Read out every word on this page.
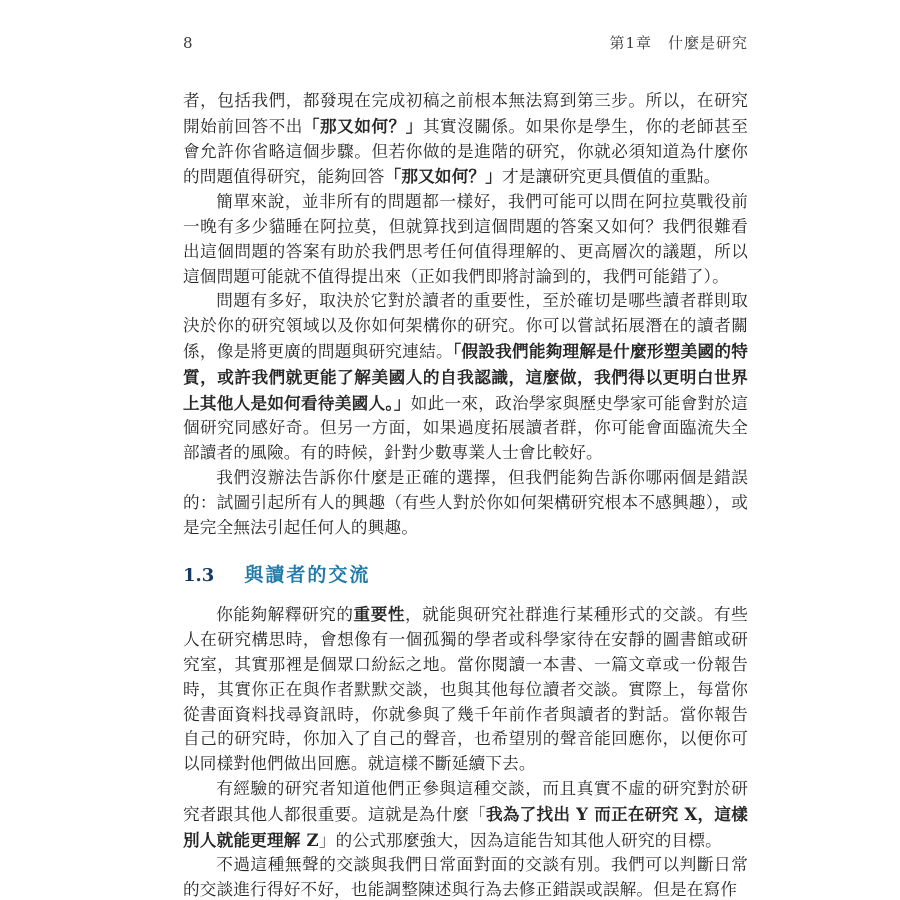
8	第1章　什麼是研究

者，包括我們，都發現在完成初稿之前根本無法寫到第三步。所以，在研究開始前回答不出「那又如何？」其實沒關係。如果你是學生，你的老師甚至會允許你省略這個步驟。但若你做的是進階的研究，你就必須知道為什麼你的問題值得研究，能夠回答「那又如何？」才是讓研究更具價值的重點。

簡單來說，並非所有的問題都一樣好，我們可能可以問在阿拉莫戰役前一晚有多少貓睡在阿拉莫，但就算找到這個問題的答案又如何？我們很難看出這個問題的答案有助於我們思考任何值得理解的、更高層次的議題，所以這個問題可能就不值得提出來（正如我們即將討論到的，我們可能錯了）。

問題有多好，取決於它對於讀者的重要性，至於確切是哪些讀者群則取決於你的研究領域以及你如何架構你的研究。你可以嘗試拓展潛在的讀者關係，像是將更廣的問題與研究連結。「假設我們能夠理解是什麼形塑美國的特質，或許我們就更能了解美國人的自我認識，這麼做，我們得以更明白世界上其他人是如何看待美國人。」如此一來，政治學家與歷史學家可能會對於這個研究同感好奇。但另一方面，如果過度拓展讀者群，你可能會面臨流失全部讀者的風險。有的時候，針對少數專業人士會比較好。

我們沒辦法告訴你什麼是正確的選擇，但我們能夠告訴你哪兩個是錯誤的：試圖引起所有人的興趣（有些人對於你如何架構研究根本不感興趣），或是完全無法引起任何人的興趣。

1.3 與讀者的交流

你能夠解釋研究的重要性，就能與研究社群進行某種形式的交談。有些人在研究構思時，會想像有一個孤獨的學者或科學家待在安靜的圖書館或研究室，其實那裡是個眾口紛紜之地。當你閱讀一本書、一篇文章或一份報告時，其實你正在與作者默默交談，也與其他每位讀者交談。實際上，每當你從書面資料找尋資訊時，你就參與了幾千年前作者與讀者的對話。當你報告自己的研究時，你加入了自己的聲音，也希望別的聲音能回應你，以便你可以同樣對他們做出回應。就這樣不斷延續下去。

有經驗的研究者知道他們正參與這種交談，而且真實不虛的研究對於研究者跟其他人都很重要。這就是為什麼「我為了找出 Y 而正在研究 X，這樣別人就能更理解 Z」的公式那麼強大，因為這能告知其他人研究的目標。

不過這種無聲的交談與我們日常面對面的交談有別。我們可以判斷日常的交談進行得好不好，也能調整陳述與行為去修正錯誤或誤解。但是在寫作
